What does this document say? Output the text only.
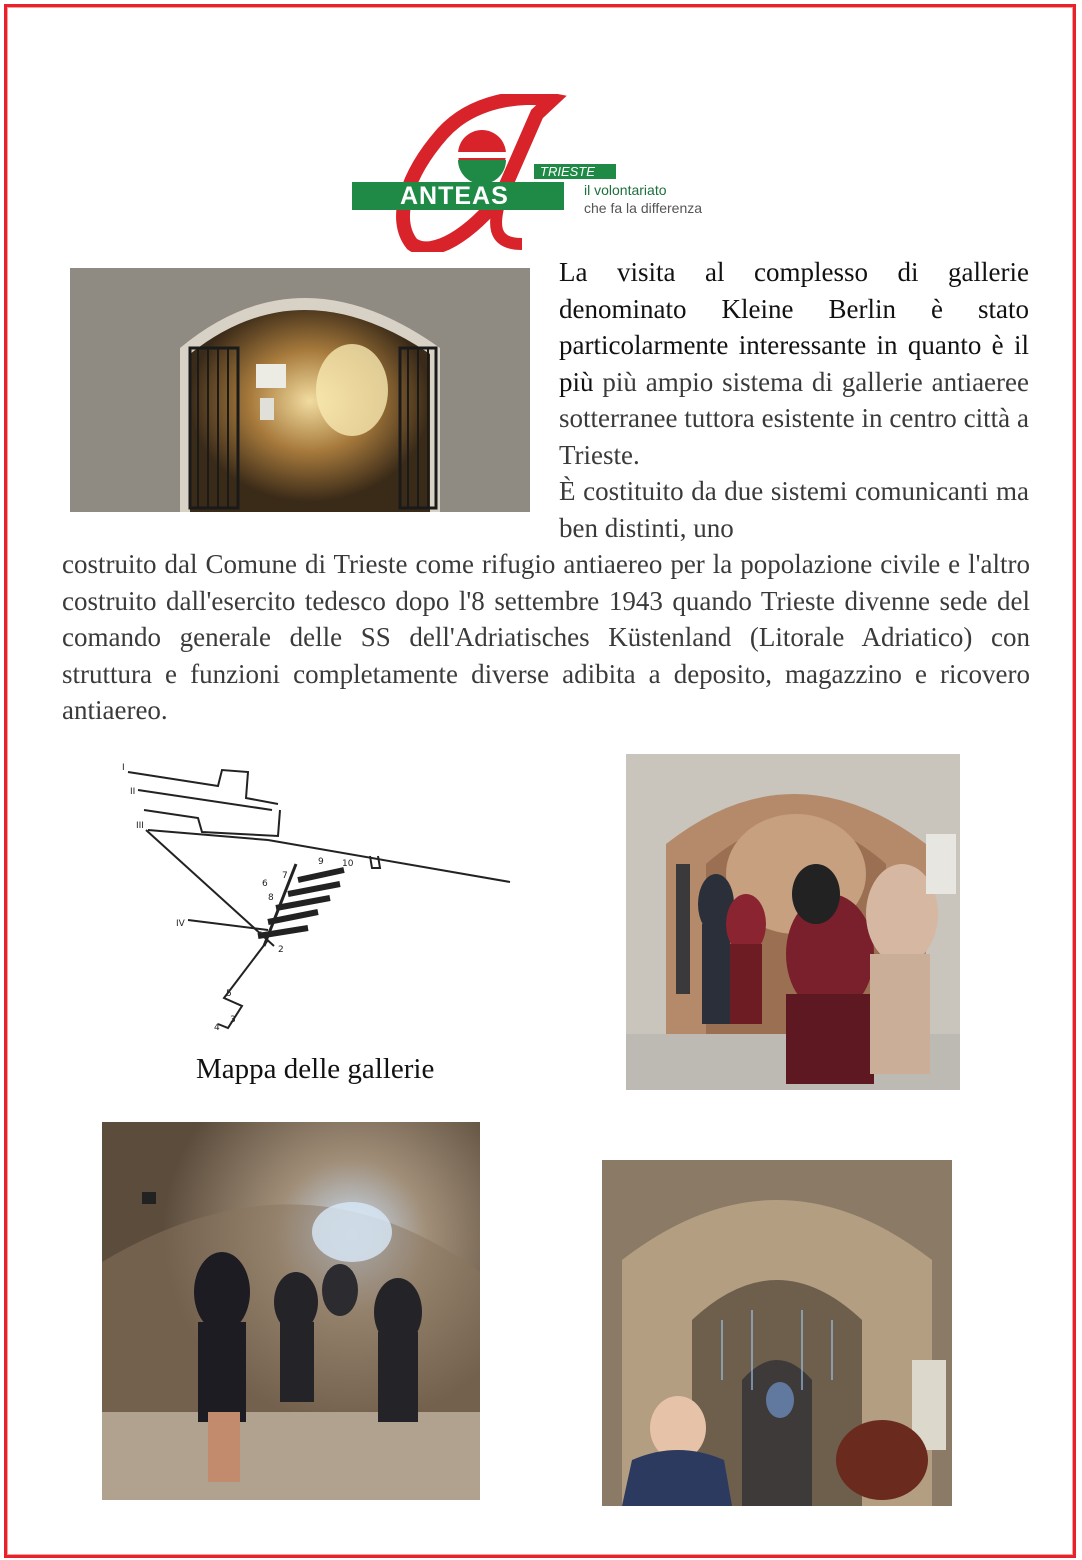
ANTEAS
TRIESTE
il volontariato
che fa la differenza
La visita al complesso di gallerie denominato Kleine Berlin è stato particolarmente interessante in quanto è il più più ampio sistema di gallerie antiaeree sotterranee tuttora esistente in centro città a Trieste.
È costituito da due sistemi comunicanti ma ben distinti, uno
costruito dal Comune di Trieste come rifugio antiaereo per la popolazione civile e l'altro costruito dall'esercito tedesco dopo l'8 settembre 1943 quando Trieste divenne sede del comando generale delle SS dell'Adriatisches Küstenland (Litorale Adriatico) con struttura e funzioni completamente diverse adibita a deposito, magazzino e ricovero antiaereo.
I
II
III
IV
1
2
3
4
5
6
7
8
9 10
Mappa delle gallerie
